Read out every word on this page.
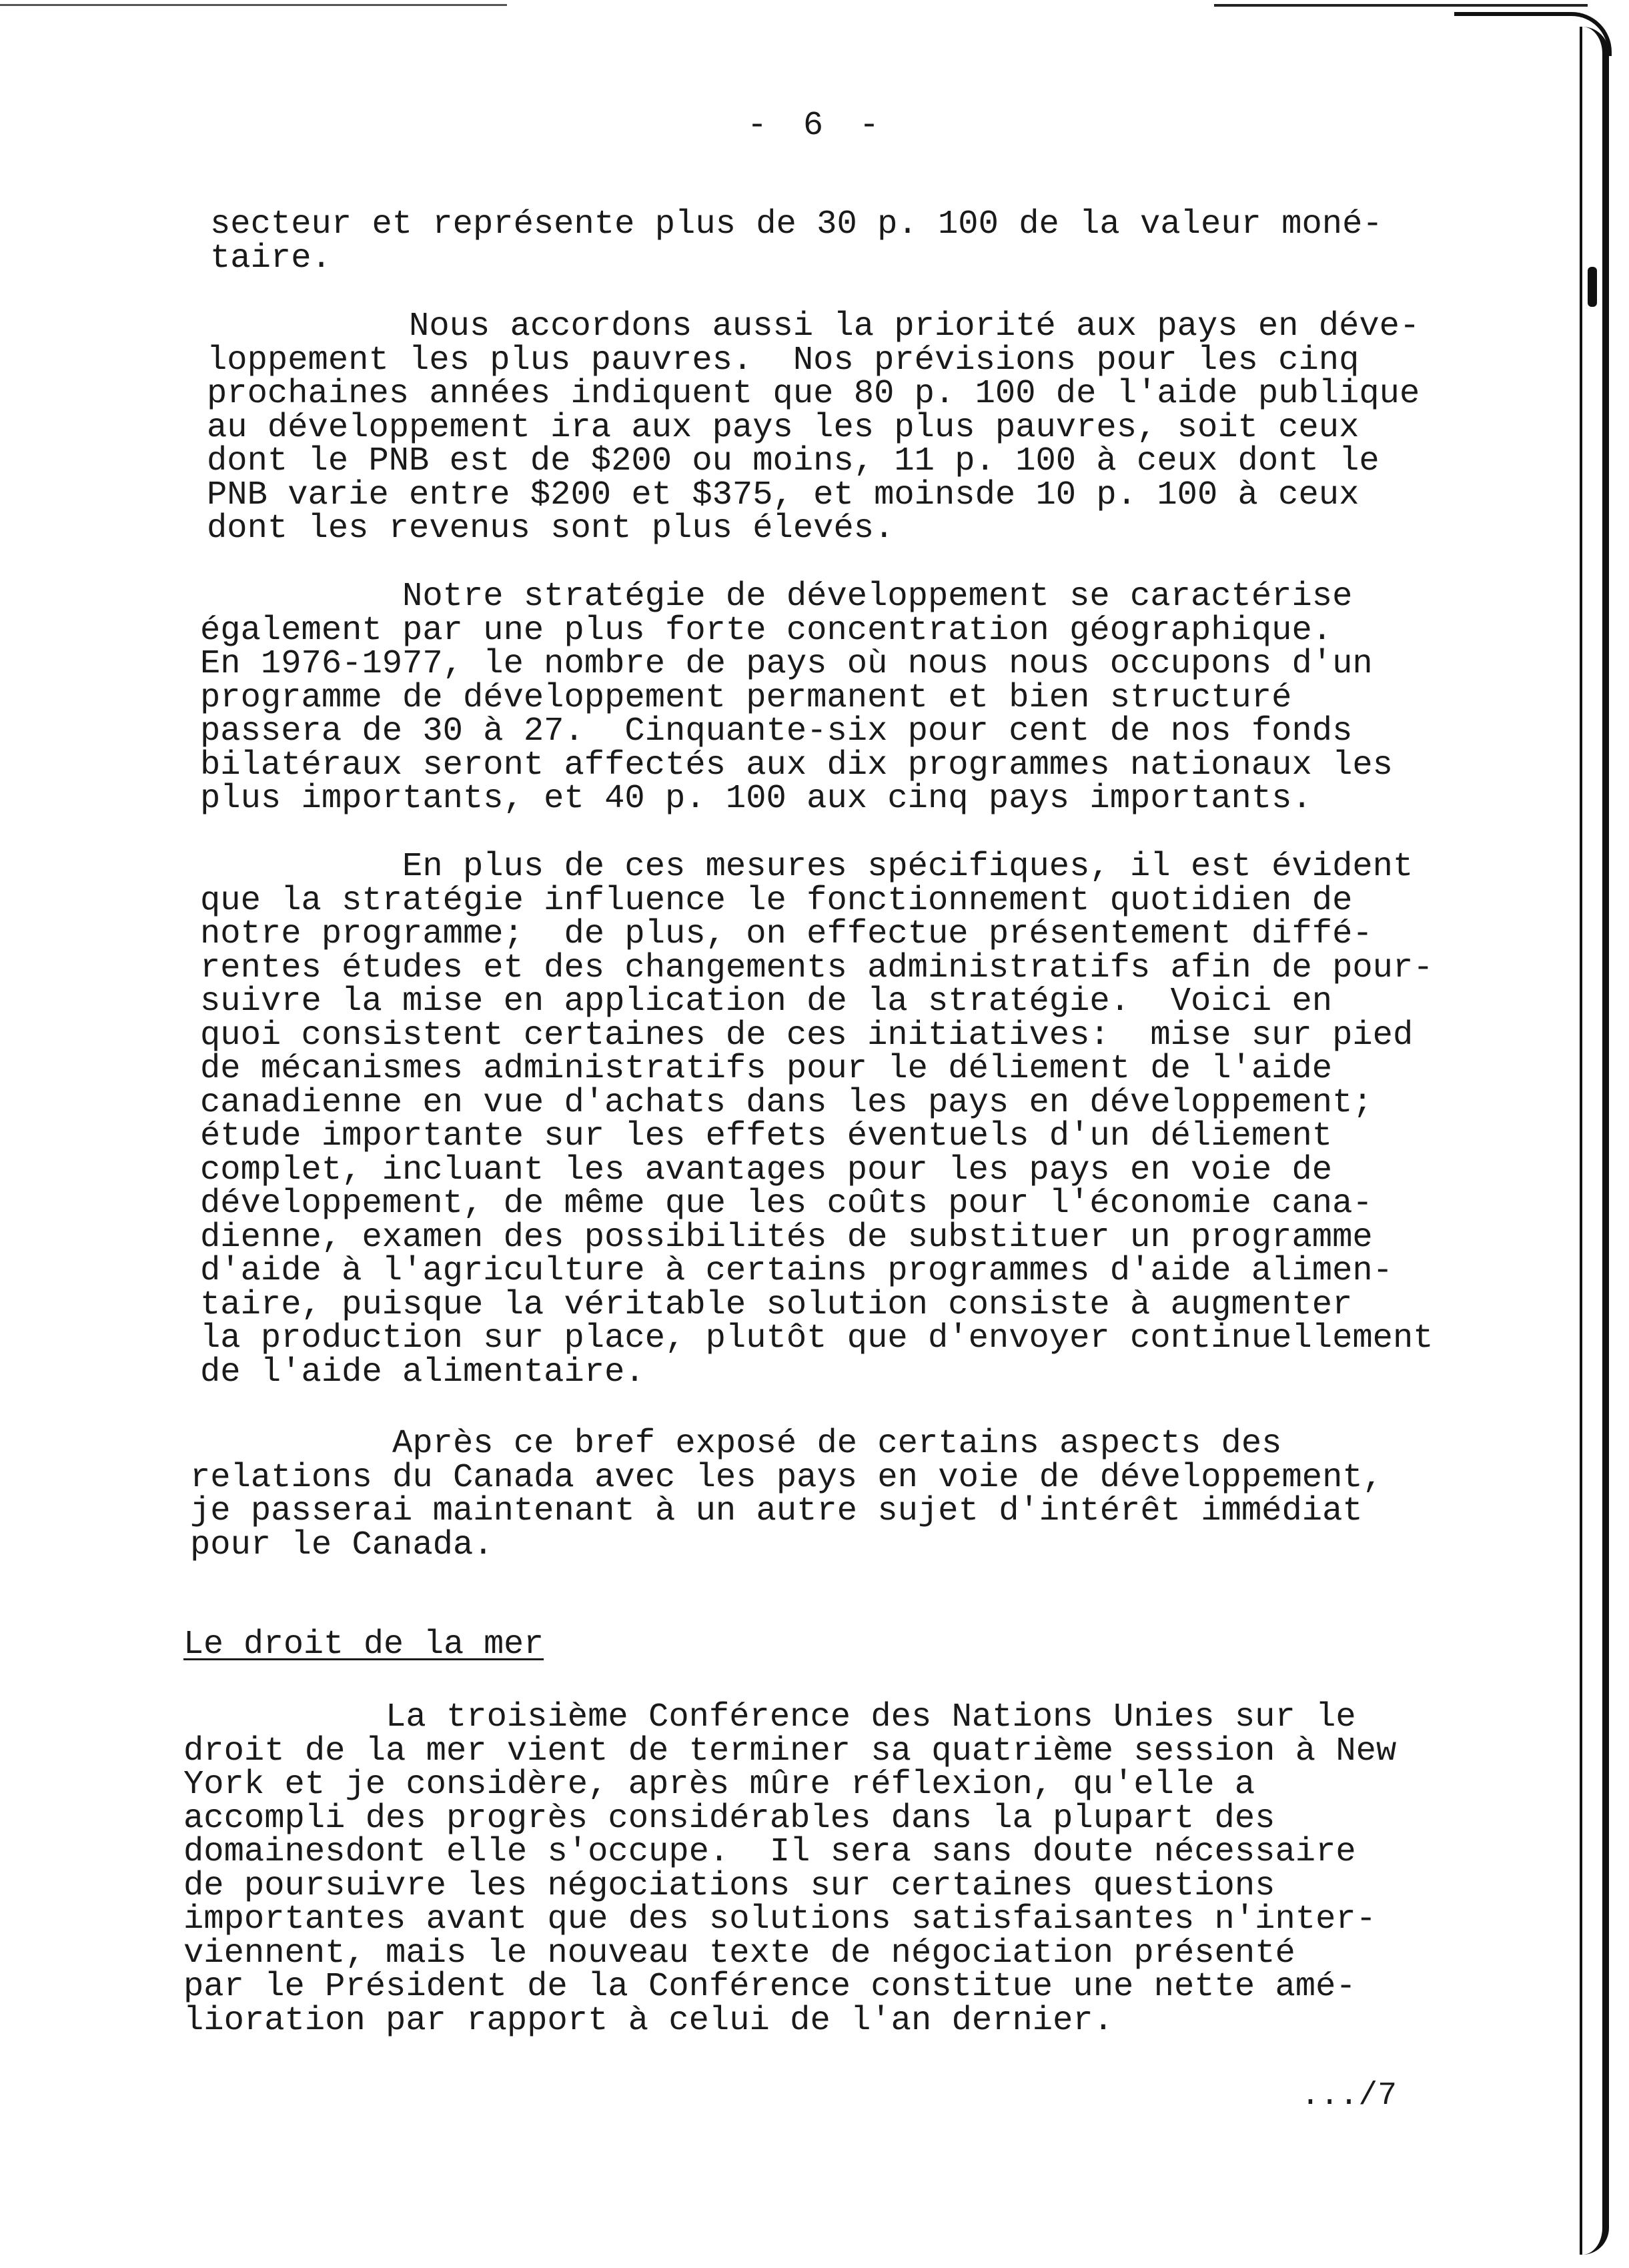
- 6 -

secteur et représente plus de 30 p. 100 de la valeur moné-
taire.

Nous accordons aussi la priorité aux pays en déve-
loppement les plus pauvres.  Nos prévisions pour les cinq
prochaines années indiquent que 80 p. 100 de l'aide publique
au développement ira aux pays les plus pauvres, soit ceux
dont le PNB est de $200 ou moins, 11 p. 100 à ceux dont le
PNB varie entre $200 et $375, et moinsde 10 p. 100 à ceux
dont les revenus sont plus élevés.

Notre stratégie de développement se caractérise
également par une plus forte concentration géographique.
En 1976-1977, le nombre de pays où nous nous occupons d'un
programme de développement permanent et bien structuré
passera de 30 à 27.  Cinquante-six pour cent de nos fonds
bilatéraux seront affectés aux dix programmes nationaux les
plus importants, et 40 p. 100 aux cinq pays importants.

En plus de ces mesures spécifiques, il est évident
que la stratégie influence le fonctionnement quotidien de
notre programme;  de plus, on effectue présentement diffé-
rentes études et des changements administratifs afin de pour-
suivre la mise en application de la stratégie.  Voici en
quoi consistent certaines de ces initiatives:  mise sur pied
de mécanismes administratifs pour le déliement de l'aide
canadienne en vue d'achats dans les pays en développement;
étude importante sur les effets éventuels d'un déliement
complet, incluant les avantages pour les pays en voie de
développement, de même que les coûts pour l'économie cana-
dienne, examen des possibilités de substituer un programme
d'aide à l'agriculture à certains programmes d'aide alimen-
taire, puisque la véritable solution consiste à augmenter
la production sur place, plutôt que d'envoyer continuellement
de l'aide alimentaire.

Après ce bref exposé de certains aspects des
relations du Canada avec les pays en voie de développement,
je passerai maintenant à un autre sujet d'intérêt immédiat
pour le Canada.

Le droit de la mer

La troisième Conférence des Nations Unies sur le
droit de la mer vient de terminer sa quatrième session à New
York et je considère, après mûre réflexion, qu'elle a
accompli des progrès considérables dans la plupart des
domainesdont elle s'occupe.  Il sera sans doute nécessaire
de poursuivre les négociations sur certaines questions
importantes avant que des solutions satisfaisantes n'inter-
viennent, mais le nouveau texte de négociation présenté
par le Président de la Conférence constitue une nette amé-
lioration par rapport à celui de l'an dernier.

.../7
